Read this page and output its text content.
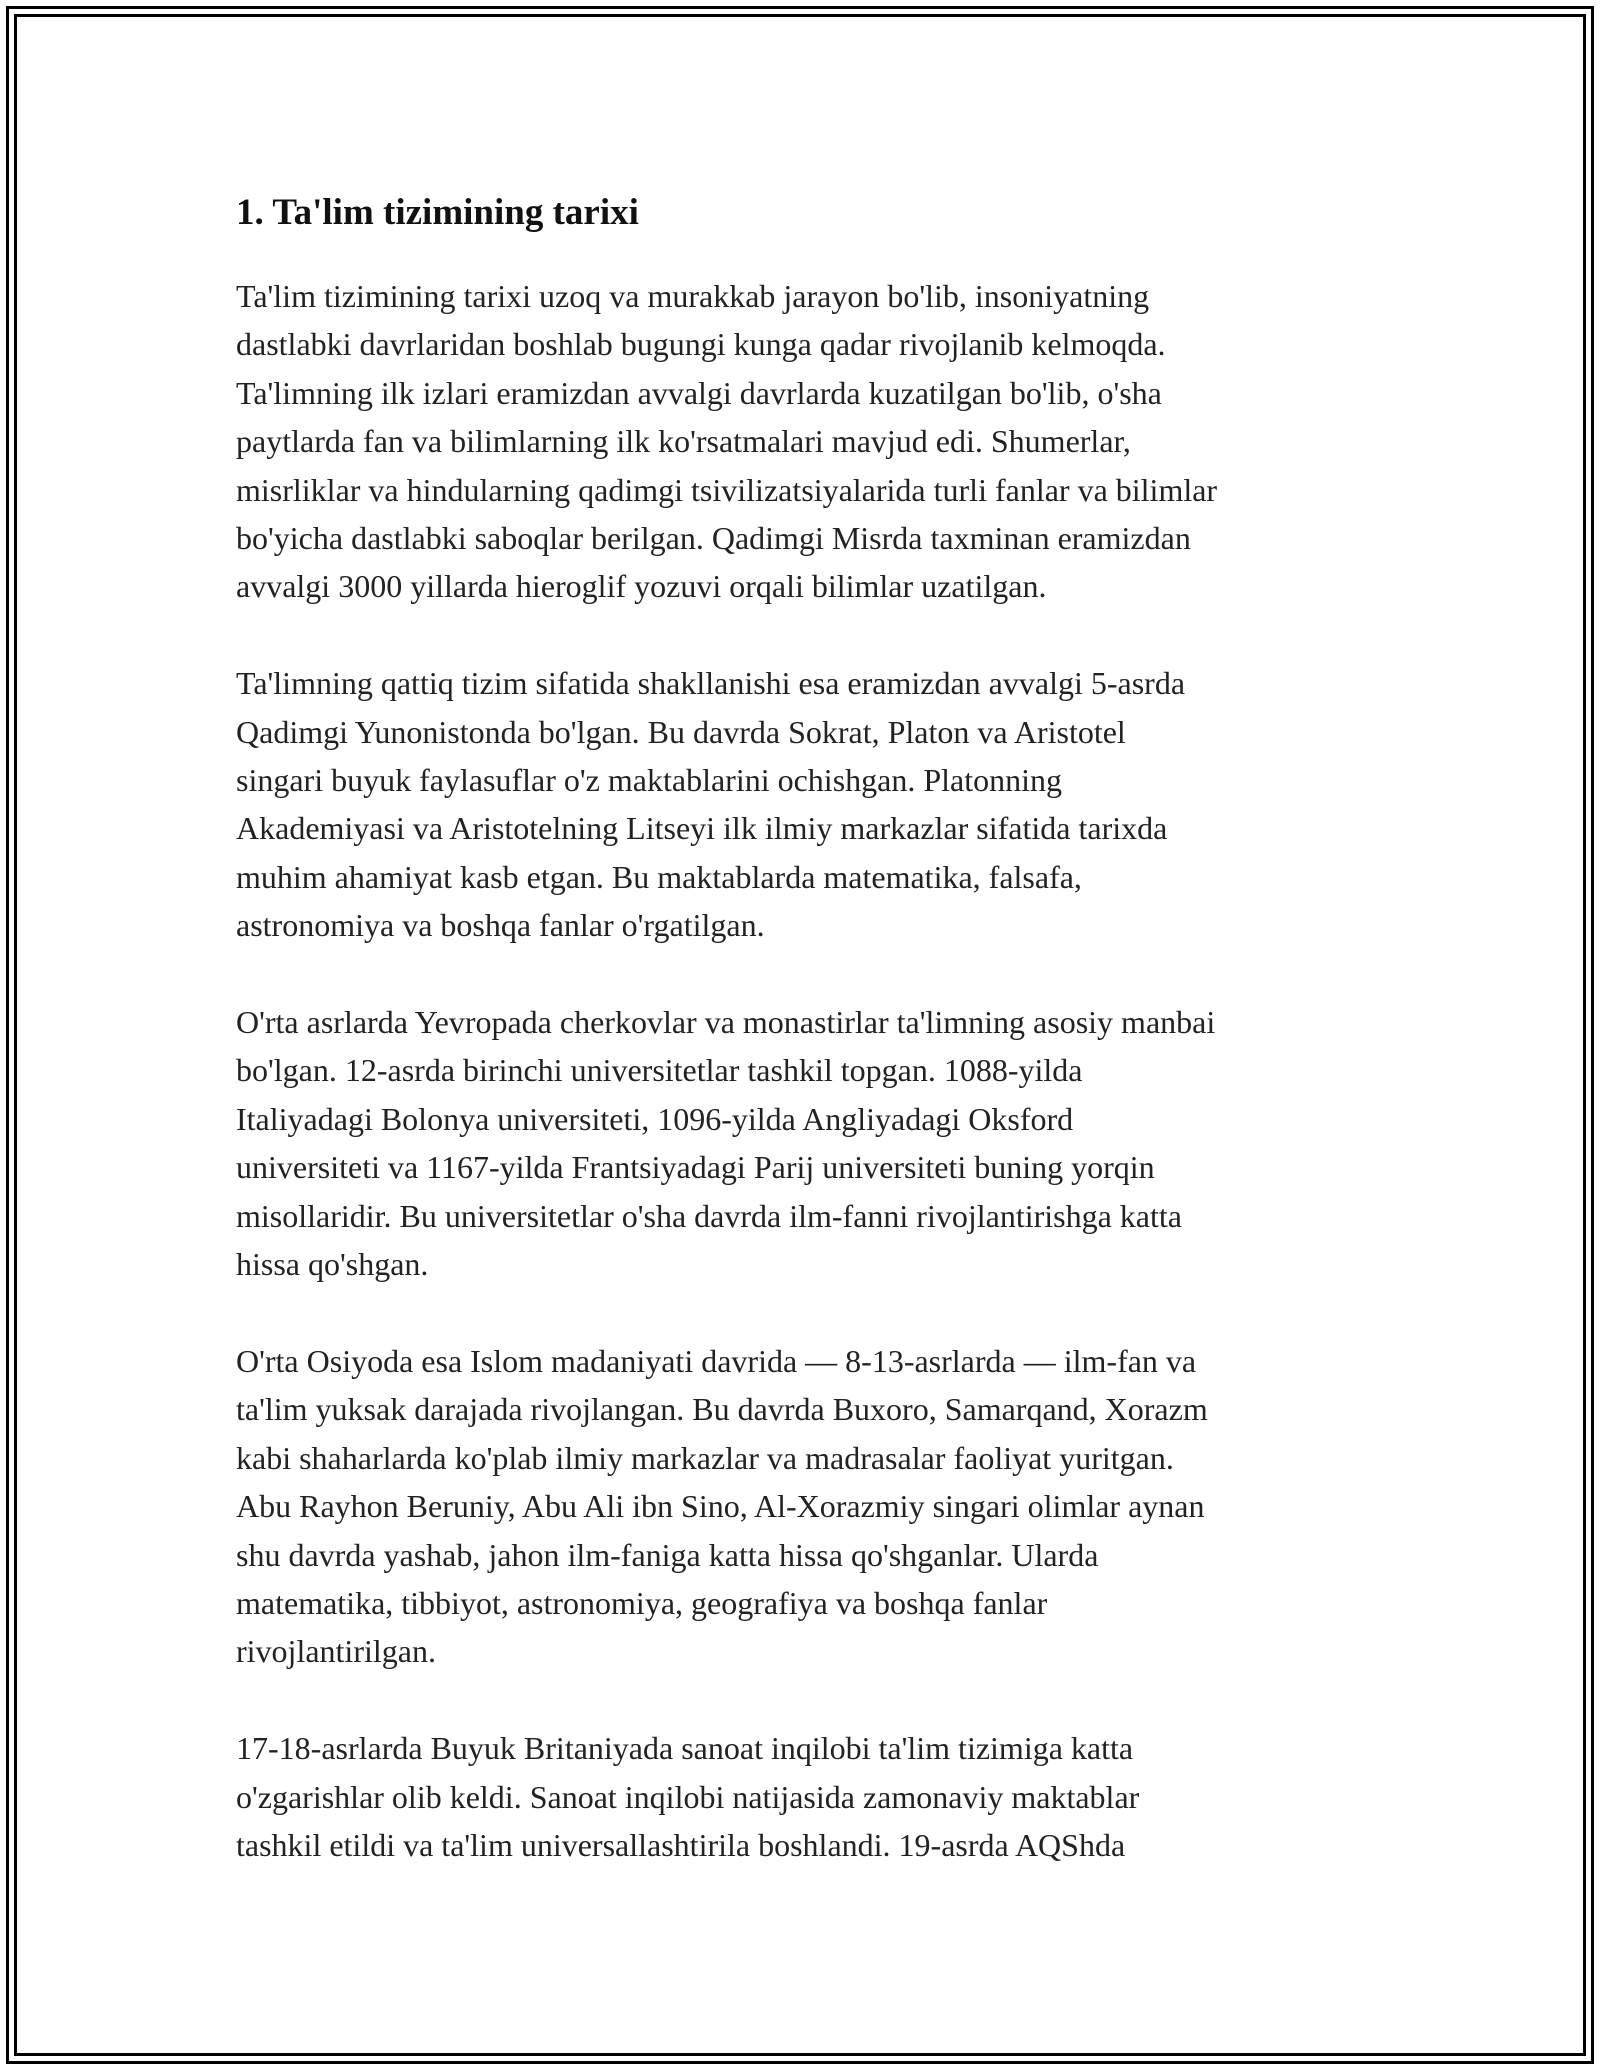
1. Ta'lim tizimining tarixi
Ta'lim tizimining tarixi uzoq va murakkab jarayon bo'lib, insoniyatning
dastlabki davrlaridan boshlab bugungi kunga qadar rivojlanib kelmoqda.
Ta'limning ilk izlari eramizdan avvalgi davrlarda kuzatilgan bo'lib, o'sha
paytlarda fan va bilimlarning ilk ko'rsatmalari mavjud edi. Shumerlar,
misrliklar va hindularning qadimgi tsivilizatsiyalarida turli fanlar va bilimlar
bo'yicha dastlabki saboqlar berilgan. Qadimgi Misrda taxminan eramizdan
avvalgi 3000 yillarda hieroglif yozuvi orqali bilimlar uzatilgan.
Ta'limning qattiq tizim sifatida shakllanishi esa eramizdan avvalgi 5-asrda
Qadimgi Yunonistonda bo'lgan. Bu davrda Sokrat, Platon va Aristotel
singari buyuk faylasuflar o'z maktablarini ochishgan. Platonning
Akademiyasi va Aristotelning Litseyi ilk ilmiy markazlar sifatida tarixda
muhim ahamiyat kasb etgan. Bu maktablarda matematika, falsafa,
astronomiya va boshqa fanlar o'rgatilgan.
O'rta asrlarda Yevropada cherkovlar va monastirlar ta'limning asosiy manbai
bo'lgan. 12-asrda birinchi universitetlar tashkil topgan. 1088-yilda
Italiyadagi Bolonya universiteti, 1096-yilda Angliyadagi Oksford
universiteti va 1167-yilda Frantsiyadagi Parij universiteti buning yorqin
misollaridir. Bu universitetlar o'sha davrda ilm-fanni rivojlantirishga katta
hissa qo'shgan.
O'rta Osiyoda esa Islom madaniyati davrida — 8-13-asrlarda — ilm-fan va
ta'lim yuksak darajada rivojlangan. Bu davrda Buxoro, Samarqand, Xorazm
kabi shaharlarda ko'plab ilmiy markazlar va madrasalar faoliyat yuritgan.
Abu Rayhon Beruniy, Abu Ali ibn Sino, Al-Xorazmiy singari olimlar aynan
shu davrda yashab, jahon ilm-faniga katta hissa qo'shganlar. Ularda
matematika, tibbiyot, astronomiya, geografiya va boshqa fanlar
rivojlantirilgan.
17-18-asrlarda Buyuk Britaniyada sanoat inqilobi ta'lim tizimiga katta
o'zgarishlar olib keldi. Sanoat inqilobi natijasida zamonaviy maktablar
tashkil etildi va ta'lim universallashtirila boshlandi. 19-asrda AQShda
